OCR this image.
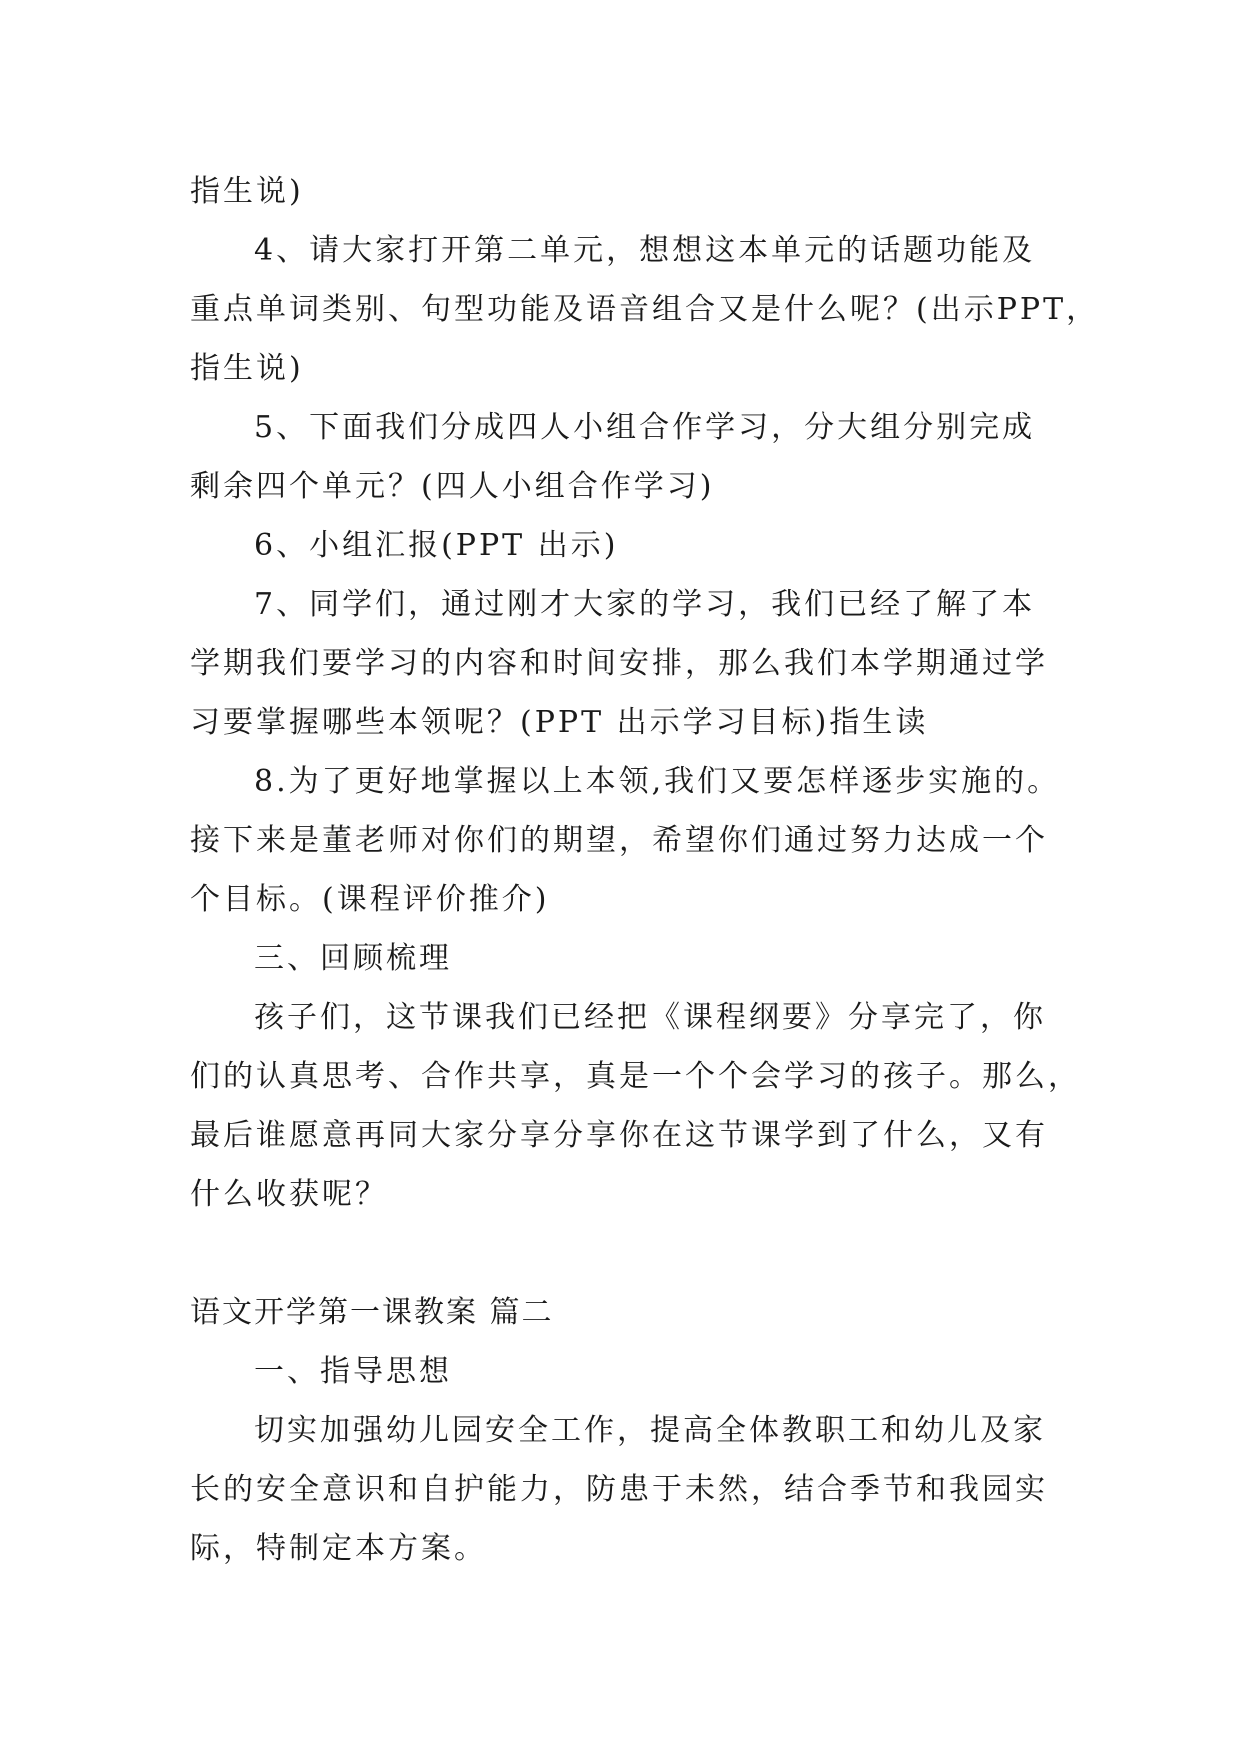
指生说)
4、请大家打开第二单元，想想这本单元的话题功能及
重点单词类别、句型功能及语音组合又是什么呢？(出示PPT，
指生说)
5、下面我们分成四人小组合作学习，分大组分别完成
剩余四个单元？(四人小组合作学习)
6、小组汇报(PPT 出示)
7、同学们，通过刚才大家的学习，我们已经了解了本
学期我们要学习的内容和时间安排，那么我们本学期通过学
习要掌握哪些本领呢？(PPT 出示学习目标)指生读
8.为了更好地掌握以上本领,我们又要怎样逐步实施的。
接下来是董老师对你们的期望，希望你们通过努力达成一个
个目标。(课程评价推介)
三、回顾梳理
孩子们，这节课我们已经把《课程纲要》分享完了，你
们的认真思考、合作共享，真是一个个会学习的孩子。那么，
最后谁愿意再同大家分享分享你在这节课学到了什么，又有
什么收获呢？
语文开学第一课教案 篇二
一、指导思想
切实加强幼儿园安全工作，提高全体教职工和幼儿及家
长的安全意识和自护能力，防患于未然，结合季节和我园实
际，特制定本方案。
